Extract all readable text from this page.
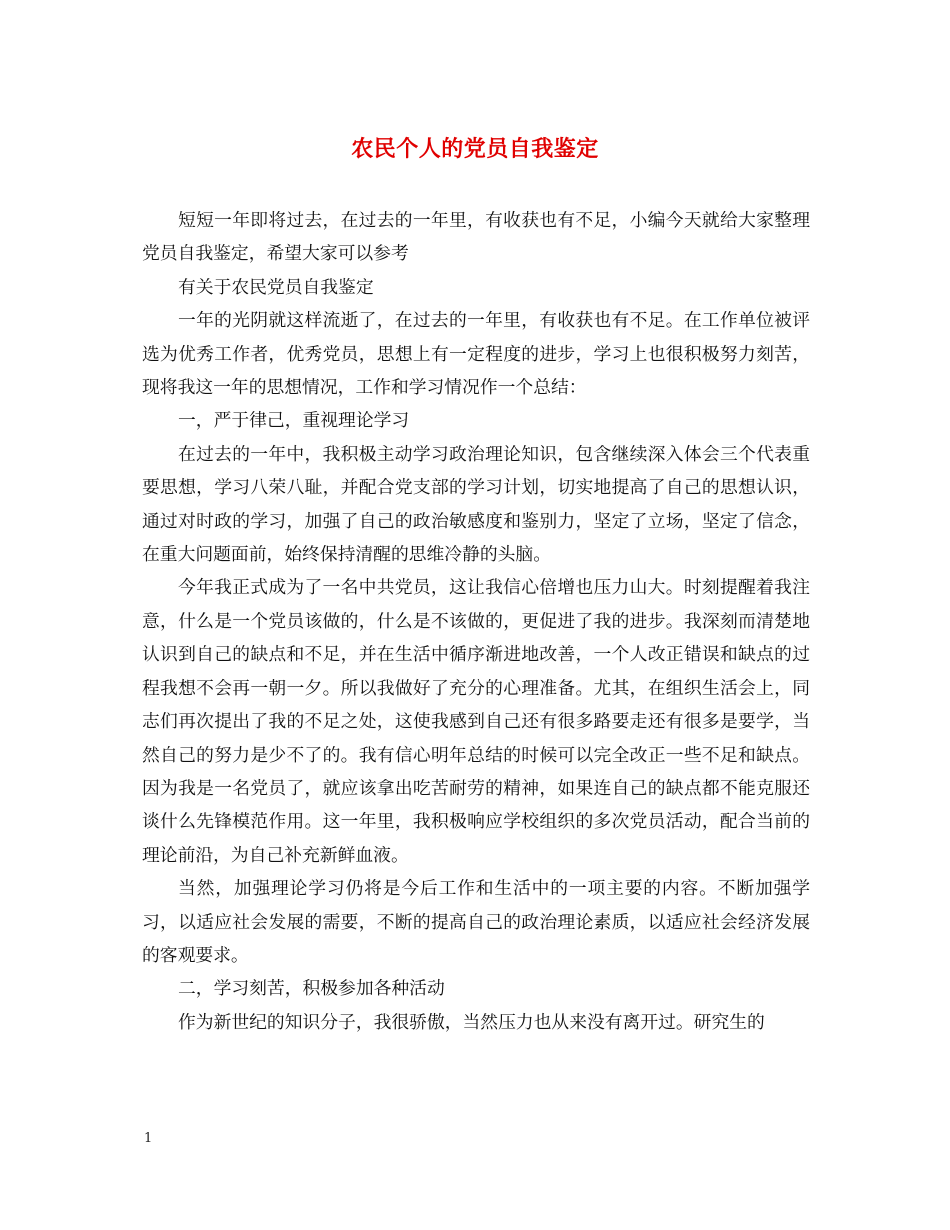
农民个人的党员自我鉴定

短短一年即将过去，在过去的一年里，有收获也有不足，小编今天就给大家整理党员自我鉴定，希望大家可以参考

有关于农民党员自我鉴定

一年的光阴就这样流逝了，在过去的一年里，有收获也有不足。在工作单位被评选为优秀工作者，优秀党员，思想上有一定程度的进步，学习上也很积极努力刻苦，现将我这一年的思想情况，工作和学习情况作一个总结：

一，严于律己，重视理论学习

在过去的一年中，我积极主动学习政治理论知识，包含继续深入体会三个代表重要思想，学习八荣八耻，并配合党支部的学习计划，切实地提高了自己的思想认识，通过对时政的学习，加强了自己的政治敏感度和鉴别力，坚定了立场，坚定了信念，在重大问题面前，始终保持清醒的思维冷静的头脑。

今年我正式成为了一名中共党员，这让我信心倍增也压力山大。时刻提醒着我注意，什么是一个党员该做的，什么是不该做的，更促进了我的进步。我深刻而清楚地认识到自己的缺点和不足，并在生活中循序渐进地改善，一个人改正错误和缺点的过程我想不会再一朝一夕。所以我做好了充分的心理准备。尤其，在组织生活会上，同志们再次提出了我的不足之处，这使我感到自己还有很多路要走还有很多是要学，当然自己的努力是少不了的。我有信心明年总结的时候可以完全改正一些不足和缺点。因为我是一名党员了，就应该拿出吃苦耐劳的精神，如果连自己的缺点都不能克服还谈什么先锋模范作用。这一年里，我积极响应学校组织的多次党员活动，配合当前的理论前沿，为自己补充新鲜血液。

当然，加强理论学习仍将是今后工作和生活中的一项主要的内容。不断加强学习，以适应社会发展的需要，不断的提高自己的政治理论素质，以适应社会经济发展的客观要求。

二，学习刻苦，积极参加各种活动

作为新世纪的知识分子，我很骄傲，当然压力也从来没有离开过。研究生的

1
